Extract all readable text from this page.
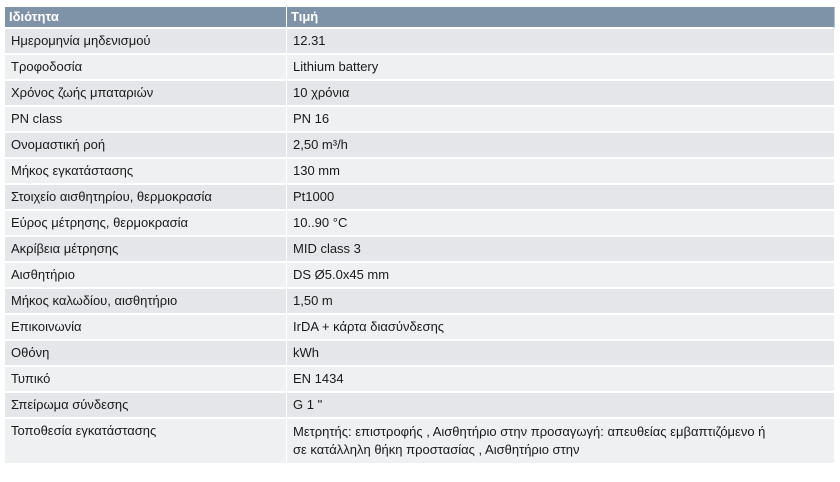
Ιδιότητα	Τιμή
Ημερομηνία μηδενισμού	12.31
Τροφοδοσία	Lithium battery
Χρόνος ζωής μπαταριών	10 χρόνια
PN class	PN 16
Ονομαστική ροή	2,50 m³/h
Μήκος εγκατάστασης	130 mm
Στοιχείο αισθητηρίου, θερμοκρασία	Pt1000
Εύρος μέτρησης, θερμοκρασία	10..90 °C
Ακρίβεια μέτρησης	MID class 3
Αισθητήριο	DS Ø5.0x45 mm
Μήκος καλωδίου, αισθητήριο	1,50 m
Επικοινωνία	IrDA + κάρτα διασύνδεσης
Οθόνη	kWh
Τυπικό	EN 1434
Σπείρωμα σύνδεσης	G 1 "
Τοποθεσία εγκατάστασης	Μετρητής: επιστροφής , Αισθητήριο στην προσαγωγή: απευθείας εμβαπτιζόμενο ή σε κατάλληλη θήκη προστασίας , Αισθητήριο στην
